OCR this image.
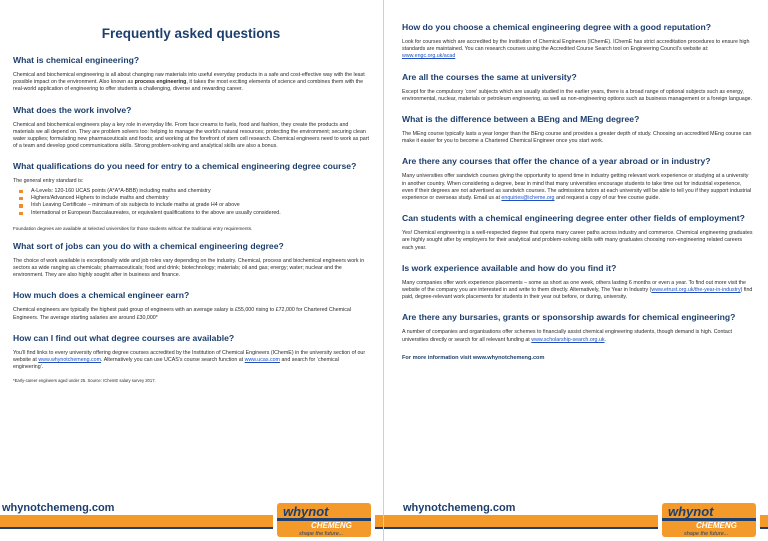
Frequently asked questions
What is chemical engineering?

Chemical and biochemical engineering is all about changing raw materials into useful everyday products in a safe and cost-effective way with the least possible impact on the environment. Also known as process engineering, it takes the most exciting elements of science and combines them with the real-world application of engineering to offer students a challenging, diverse and rewarding career.

What does the work involve?

Chemical and biochemical engineers play a key role in everyday life. From face creams to fuels, food and fashion, they create the products and materials we all depend on. They are problem solvers too: helping to manage the world’s natural resources; protecting the environment; securing clean water supplies; formulating new pharmaceuticals and foods; and working at the forefront of stem cell research. Chemical engineers need to work as part of a team and develop good communications skills. Strong problem-solving and analytical skills are also a bonus.

What qualifications do you need for entry to a chemical engineering degree course?

The general entry standard is:

A-Levels: 120-160 UCAS points (A*A*A-BBB) including maths and chemistry
Highers/Advanced Highers to include maths and chemistry
Irish Leaving Certificate – minimum of six subjects to include maths at grade H4 or above
International or European Baccalaureates, or equivalent qualifications to the above are usually considered.

Foundation degrees are available at selected universities for those students without the traditional entry requirements.

What sort of jobs can you do with a chemical engineering degree?

The choice of work available is exceptionally wide and job roles vary depending on the industry. Chemical, process and biochemical engineers work in sectors as wide ranging as chemicals; pharmaceuticals; food and drink; biotechnology; materials; oil and gas; energy; water; nuclear and the environment. They are also highly sought after in business and finance.

How much does a chemical engineer earn?

Chemical engineers are typically the highest paid group of engineers with an average salary is £55,000 rising to £72,000 for Chartered Chemical Engineers. The average starting salaries are around £30,000*

How can I find out what degree courses are available?

You’ll find links to every university offering degree courses accredited by the Institution of Chemical Engineers (IChemE) in the university section of our website at www.whynotchemeng.com. Alternatively you can use UCAS’s course search function at www.ucas.com and search for ‘chemical engineering’.

*Early-career engineers aged under 25. Source: IChemE salary survey 2017.

whynotchemeng.com	whynot
CHEMENG
shape the future...
How do you choose a chemical engineering degree with a good reputation?

Look for courses which are accredited by the Institution of Chemical Engineers (IChemE). IChemE has strict accreditation procedures to ensure high standards are maintained. You can research courses using the Accredited Course Search tool on Engineering Council’s website at: www.engc.org.uk/acad

Are all the courses the same at university?

Except for the compulsory ‘core’ subjects which are usually studied in the earlier years, there is a broad range of optional subjects such as energy, environmental, nuclear, materials or petroleum engineering, as well as non-engineering options such as business management or a foreign language.

What is the difference between a BEng and MEng degree?

The MEng course typically lasts a year longer than the BEng course and provides a greater depth of study. Choosing an accredited MEng course can make it easier for you to become a Chartered Chemical Engineer once you start work.

Are there any courses that offer the chance of a year abroad or in industry?

Many universities offer sandwich courses giving the opportunity to spend time in industry getting relevant work experience or studying at a university in another country. When considering a degree, bear in mind that many universities encourage students to take time out for industrial experience, even if their degrees are not advertised as sandwich courses. The admissions tutors at each university will be able to tell you if they support industrial experience or overseas study. Email us at enquiries@icheme.org and request a copy of our free course guide.

Can students with a chemical engineering degree enter other fields of employment?

Yes! Chemical engineering is a well-respected degree that opens many career paths across industry and commerce. Chemical engineering graduates are highly sought after by employers for their analytical and problem-solving skills with many graduates choosing non-engineering related careers each year.

Is work experience available and how do you find it?

Many companies offer work experience placements – some as short as one week, others lasting 6 months or even a year. To find out more visit the website of the company you are interested in and write to them directly. Alternatively, The Year in Industry (www.etrust.org.uk/the-year-in-industry) find paid, degree-relevant work placements for students in their year out before, or during, university.

Are there any bursaries, grants or sponsorship awards for chemical engineering?

A number of companies and organisations offer schemes to financially assist chemical engineering students, though demand is high. Contact universities directly or search for all relevant funding at www.scholarship-search.org.uk.

For more information visit www.whynotchemeng.com
whynotchemeng.com	whynot
CHEMENG
shape the future...
